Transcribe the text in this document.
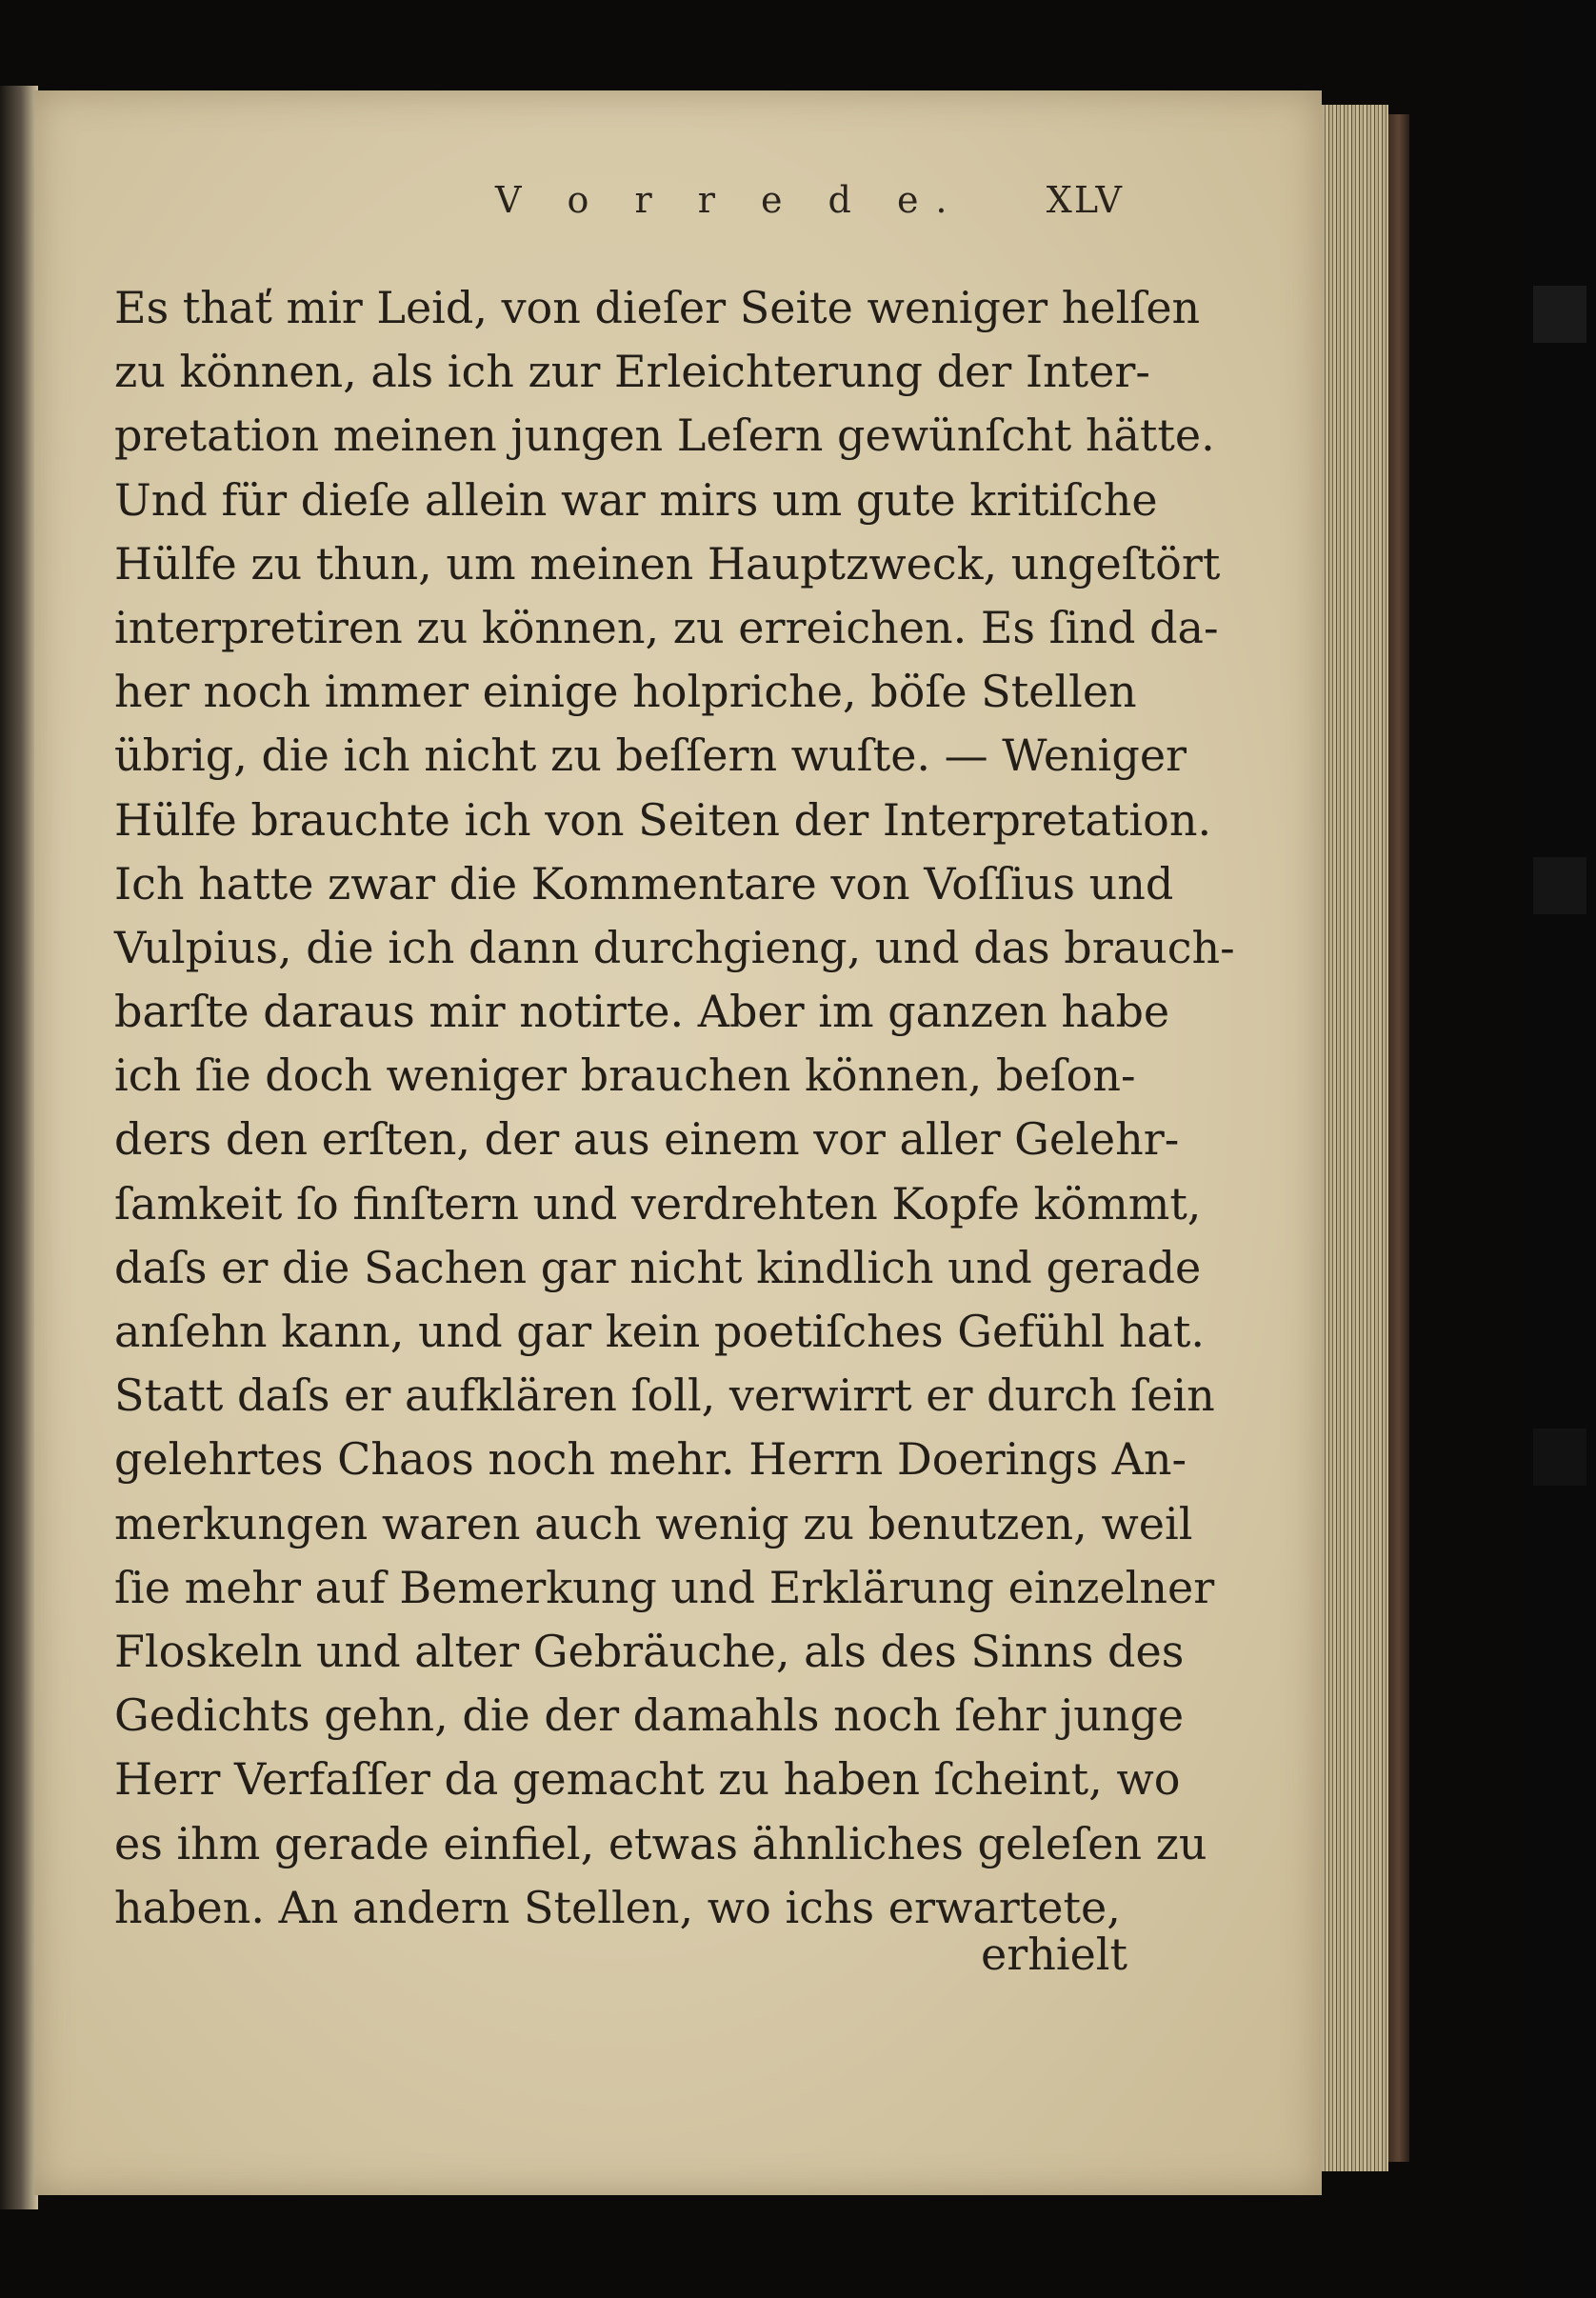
V o r r e d e. XLV
Es thať mir Leid, von dieſer Seite weniger helſen
zu können, als ich zur Erleichterung der Inter-
pretation meinen jungen Leſern gewünſcht hätte.
Und für dieſe allein war mirs um gute kritiſche
Hülfe zu thun, um meinen Hauptzweck, ungeſtört
interpretiren zu können, zu erreichen. Es ſind da-
her noch immer einige holpriche, böſe Stellen
übrig, die ich nicht zu beſſern wuſte. — Weniger
Hülfe brauchte ich von Seiten der Interpretation.
Ich hatte zwar die Kommentare von Voſſius und
Vulpius, die ich dann durchgieng, und das brauch-
barſte daraus mir notirte. Aber im ganzen habe
ich ſie doch weniger brauchen können, beſon-
ders den erſten, der aus einem vor aller Gelehr-
ſamkeit ſo finſtern und verdrehten Kopfe kömmt,
daſs er die Sachen gar nicht kindlich und gerade
anſehn kann, und gar kein poetiſches Gefühl hat.
Statt daſs er aufklären ſoll, verwirrt er durch ſein
gelehrtes Chaos noch mehr. Herrn Doerings An-
merkungen waren auch wenig zu benutzen, weil
ſie mehr auf Bemerkung und Erklärung einzelner
Floskeln und alter Gebräuche, als des Sinns des
Gedichts gehn, die der damahls noch ſehr junge
Herr Verfaſſer da gemacht zu haben ſcheint, wo
es ihm gerade einfiel, etwas ähnliches geleſen zu
haben. An andern Stellen, wo ichs erwartete,
erhielt
